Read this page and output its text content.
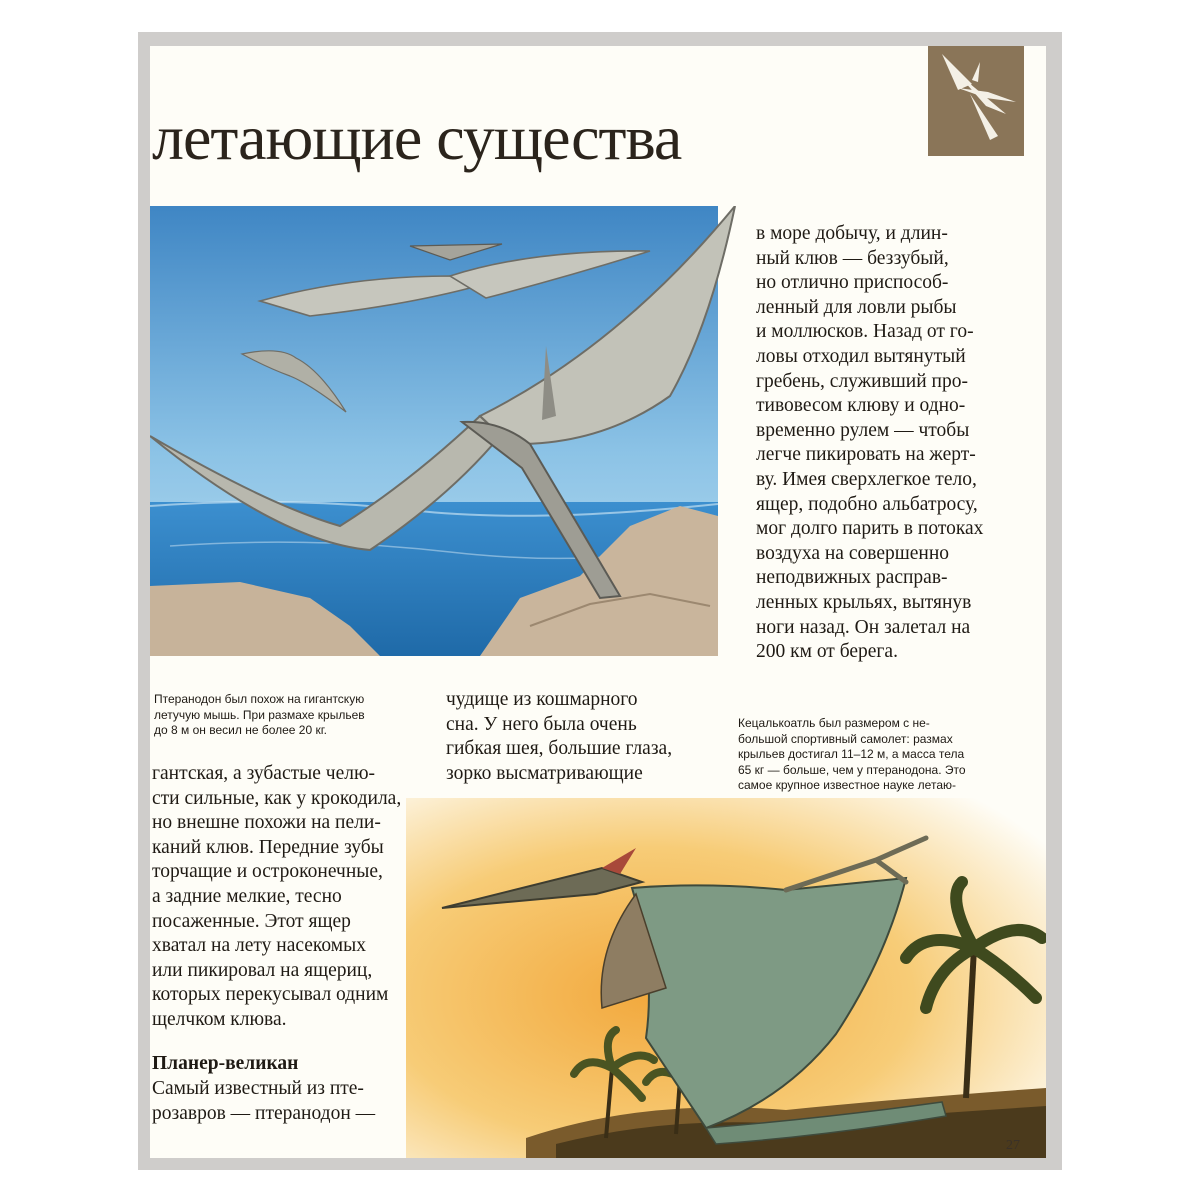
летающие существа
в море добычу, и длин-
ный клюв — беззубый,
но отлично приспособ-
ленный для ловли рыбы
и моллюсков. Назад от го-
ловы отходил вытянутый
гребень, служивший про-
тивовесом клюву и одно-
временно рулем — чтобы
легче пикировать на жерт-
ву. Имея сверхлегкое тело,
ящер, подобно альбатросу,
мог долго парить в потоках
воздуха на совершенно
неподвижных расправ-
ленных крыльях, вытянув
ноги назад. Он залетал на
200 км от берега.
Птеранодон был похож на гигантскую
летучую мышь. При размахе крыльев
до 8 м он весил не более 20 кг.
чудище из кошмарного
сна. У него была очень
гибкая шея, большие глаза,
зорко высматривающие
Кецалькоатль был размером с не-
большой спортивный самолет: размах
крыльев достигал 11–12 м, а масса тела
65 кг — больше, чем у птеранодона. Это
самое крупное известное науке летаю-

гантская, а зубастые челю-
сти сильные, как у крокодила,
но внешне похожи на пели-
каний клюв. Передние зубы
торчащие и остроконечные,
а задние мелкие, тесно
посаженные. Этот ящер
хватал на лету насекомых
или пикировал на ящериц,
которых перекусывал одним
щелчком клюва.
Планер-великан
Самый известный из пте-
розавров — птеранодон —
27
